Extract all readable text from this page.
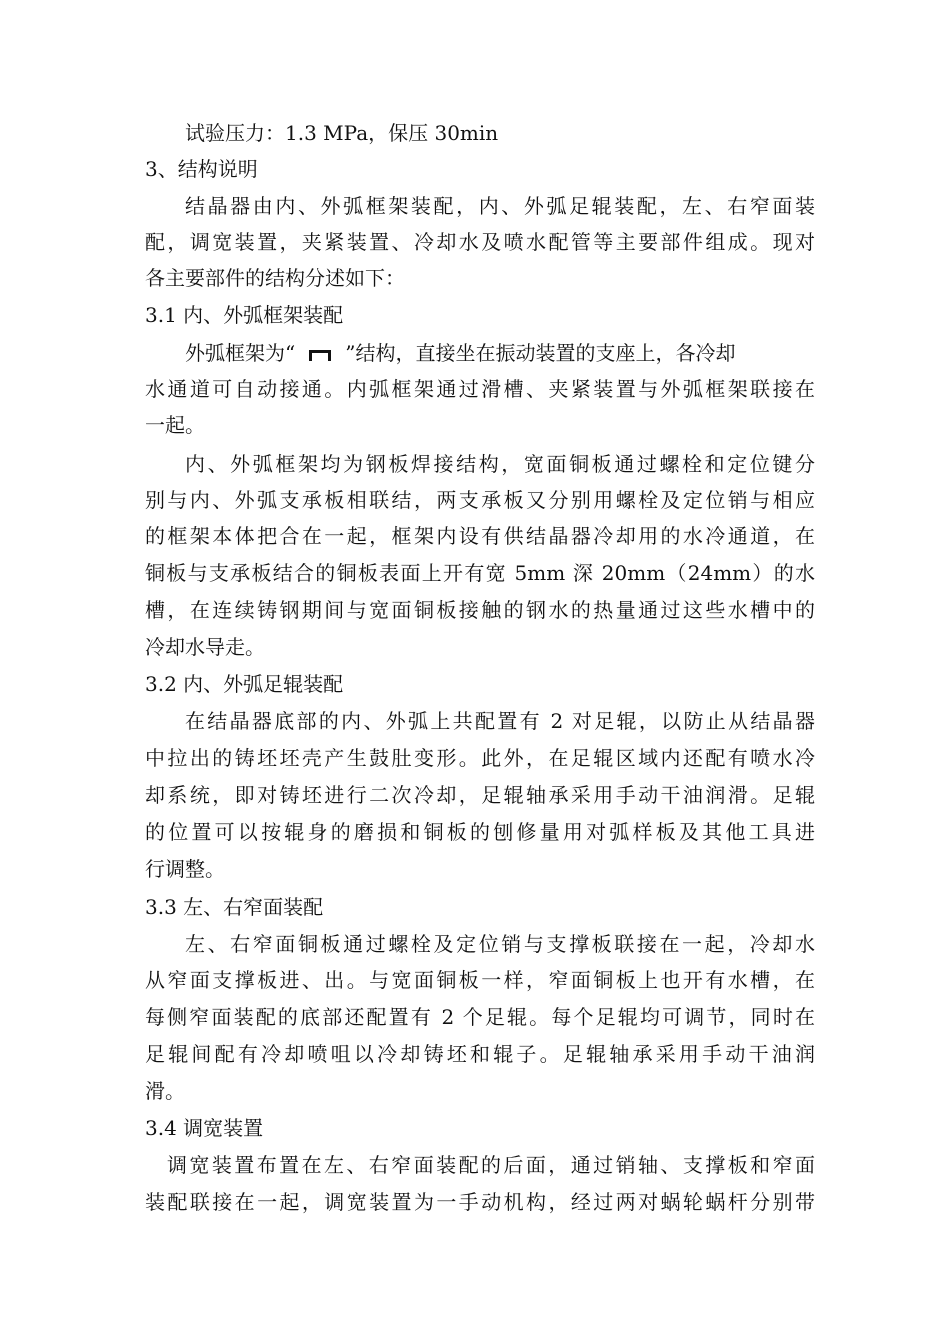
试验压力：1.3 MPa，保压 30min
3、结构说明
结晶器由内、外弧框架装配，内、外弧足辊装配，左、右窄面装
配，调宽装置，夹紧装置、冷却水及喷水配管等主要部件组成。现对
各主要部件的结构分述如下：
3.1 内、外弧框架装配
外弧框架为“	”结构，直接坐在振动装置的支座上，各冷却
水通道可自动接通。内弧框架通过滑槽、夹紧装置与外弧框架联接在
一起。
内、外弧框架均为钢板焊接结构，宽面铜板通过螺栓和定位键分
别与内、外弧支承板相联结，两支承板又分别用螺栓及定位销与相应
的框架本体把合在一起，框架内设有供结晶器冷却用的水冷通道，在
铜板与支承板结合的铜板表面上开有宽 5mm 深 20mm（24mm）的水
槽，在连续铸钢期间与宽面铜板接触的钢水的热量通过这些水槽中的
冷却水导走。
3.2 内、外弧足辊装配
在结晶器底部的内、外弧上共配置有 2 对足辊，以防止从结晶器
中拉出的铸坯坯壳产生鼓肚变形。此外，在足辊区域内还配有喷水冷
却系统，即对铸坯进行二次冷却，足辊轴承采用手动干油润滑。足辊
的位置可以按辊身的磨损和铜板的刨修量用对弧样板及其他工具进
行调整。
3.3 左、右窄面装配
左、右窄面铜板通过螺栓及定位销与支撑板联接在一起，冷却水
从窄面支撑板进、出。与宽面铜板一样，窄面铜板上也开有水槽，在
每侧窄面装配的底部还配置有 2 个足辊。每个足辊均可调节，同时在
足辊间配有冷却喷咀以冷却铸坯和辊子。足辊轴承采用手动干油润
滑。
3.4 调宽装置
调宽装置布置在左、右窄面装配的后面，通过销轴、支撑板和窄面
装配联接在一起，调宽装置为一手动机构，经过两对蜗轮蜗杆分别带
